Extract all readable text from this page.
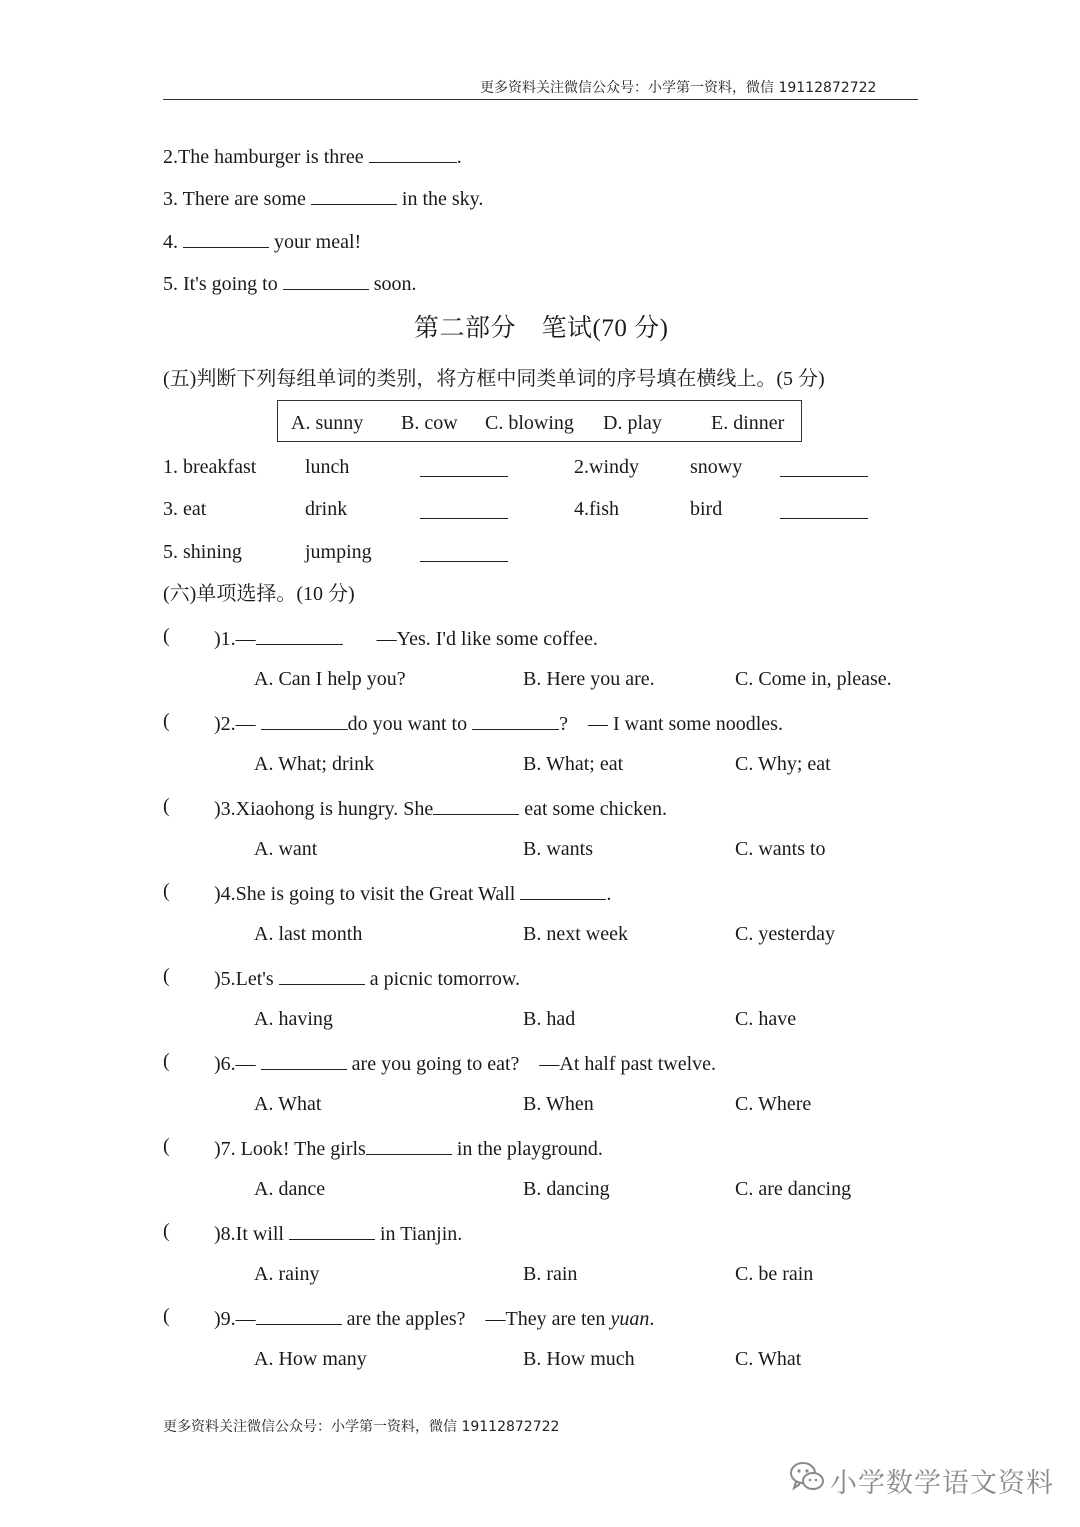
更多资料关注微信公众号：小学第一资料，微信 19112872722
2.The hamburger is three	.
3. There are some	in the sky.
4.	your meal!
5. It's going to	soon.
第二部分　笔试(70 分)
(五)判断下列每组单词的类别，将方框中同类单词的序号填在横线上。(5 分)
A. sunny B. cow C. blowing D. play E. dinner
1. breakfast lunch	2.windy	snowy
3. eat	drink	4.fish	bird
5. shining	jumping
(六)单项选择。(10 分)
( )1.—	—Yes. I'd like some coffee.
A. Can I help you?	B. Here you are.	C. Come in, please.
( )2.—	do you want to	?　— I want some noodles.
A. What; drink	B. What; eat	C. Why; eat
( )3.Xiaohong is hungry. She	eat some chicken.
A. want	B. wants	C. wants to
( )4.She is going to visit the Great Wall	.
A. last month	B. next week	C. yesterday
( )5.Let's	a picnic tomorrow.
A. having	B. had	C. have
( )6.—	are you going to eat?　—At half past twelve.
A. What	B. When	C. Where
( )7. Look! The girls	in the playground.
A. dance	B. dancing	C. are dancing
( )8.It will	in Tianjin.
A. rainy	B. rain	C. be rain
( )9.—	are the apples?　—They are ten yuan.
A. How many	B. How much	C. What
更多资料关注微信公众号：小学第一资料，微信 19112872722
小学数学语文资料
